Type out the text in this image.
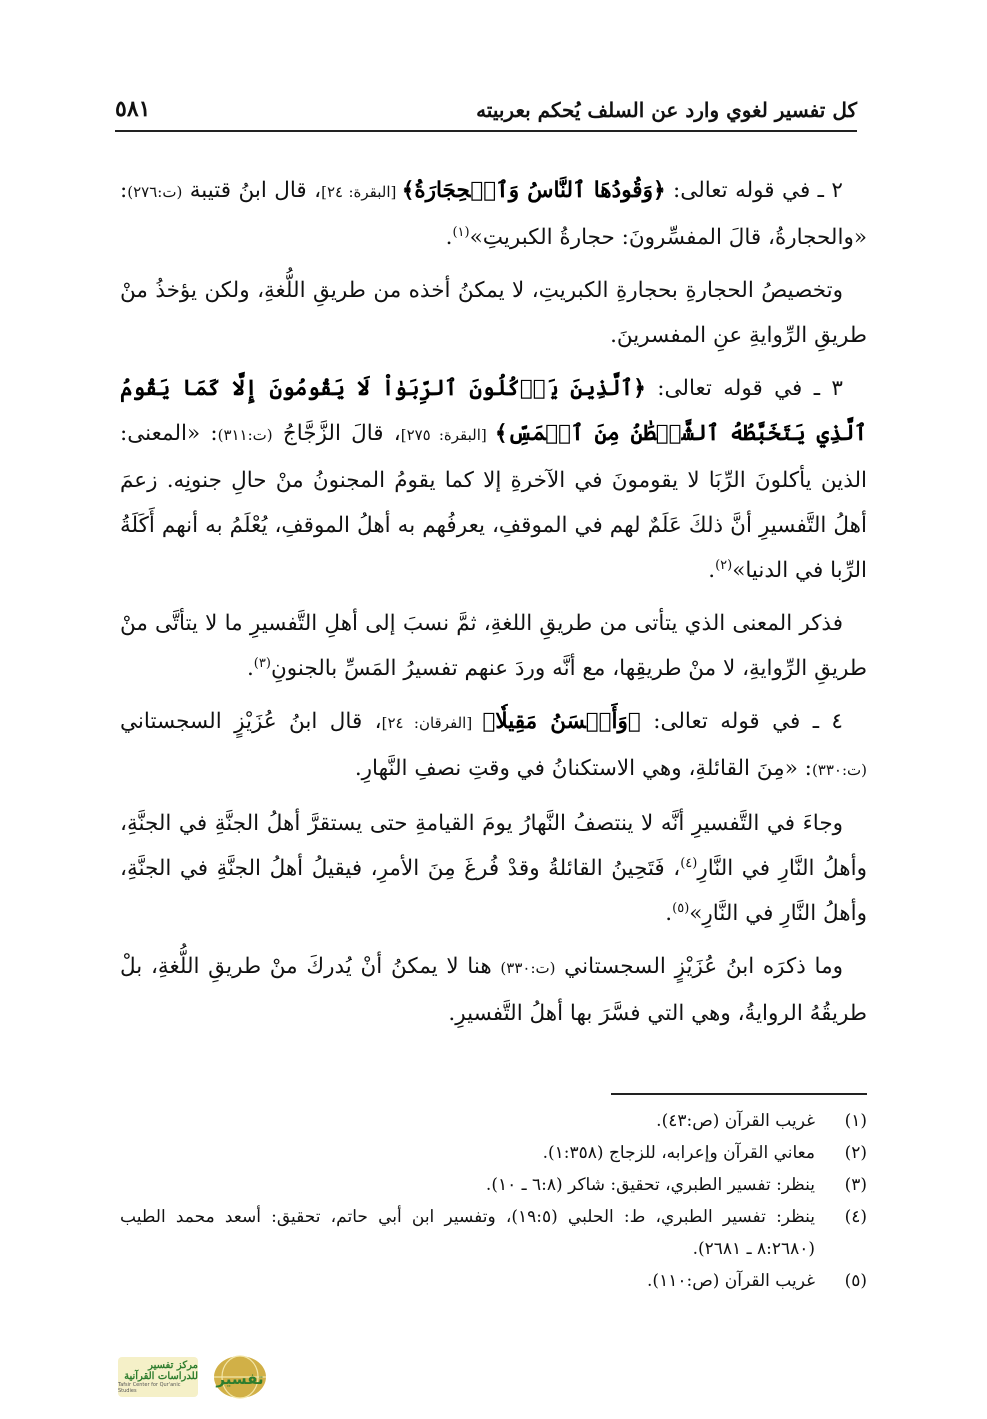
كل تفسير لغوي وارد عن السلف يُحكم بعربيته
٥٨١

٢ ـ في قوله تعالى: ﴿وَقُودُهَا ٱلنَّاسُ وَٱلۡحِجَارَةُ﴾ [البقرة: ٢٤]، قال ابنُ قتيبة (ت:٢٧٦): «والحجارةُ، قالَ المفسِّرونَ: حجارةُ الكبريتِ»$^{(١)}$.

وتخصيصُ الحجارةِ بحجارةِ الكبريتِ، لا يمكنُ أخذه من طريقِ اللُّغةِ، ولكن يؤخذُ منْ طريقِ الرِّوايةِ عنِ المفسرينَ.

٣ ـ في قوله تعالى: ﴿ٱلَّذِينَ يَأۡكُلُونَ ٱلرِّبَوٰاْ لَا يَقُومُونَ إِلَّا كَمَا يَقُومُ ٱلَّذِي يَتَخَبَّطُهُ ٱلشَّيۡطَٰنُ مِنَ ٱلۡمَسِّ﴾ [البقرة: ٢٧٥]، قالَ الزَّجَّاجُ (ت:٣١١): «المعنى: الذين يأكلونَ الرِّبَا لا يقومونَ في الآخرةِ إلا كما يقومُ المجنونُ منْ حالِ جنونِه. زعمَ أهلُ التَّفسيرِ أنَّ ذلكَ عَلَمٌ لهم في الموقفِ، يعرفُهم به أهلُ الموقفِ، يُعْلَمُ به أنهم أَكَلَةُ الرِّبا في الدنيا»$^{(٢)}$.

فذكر المعنى الذي يتأتى من طريقِ اللغةِ، ثمَّ نسبَ إلى أهلِ التَّفسيرِ ما لا يتأتَّى منْ طريقِ الرِّوايةِ، لا منْ طريقِها، مع أنَّه وردَ عنهم تفسيرُ المَسِّ بالجنونِ$^{(٣)}$.

٤ ـ في قوله تعالى: ﴿وَأَحۡسَنُ مَقِيلٗا﴾ [الفرقان: ٢٤]، قال ابنُ عُزَيْزٍ السجستاني (ت:٣٣٠): «مِنَ القائلةِ، وهي الاستكنانُ في وقتِ نصفِ النَّهارِ.

وجاءَ في التَّفسيرِ أنَّه لا ينتصفُ النَّهارُ يومَ القيامةِ حتى يستقرَّ أهلُ الجنَّةِ في الجنَّةِ، وأهلُ النَّارِ في النَّارِ$^{(٤)}$، فَتَحِينُ القائلةُ وقدْ فُرغَ مِنَ الأمرِ، فيقيلُ أهلُ الجنَّةِ في الجنَّةِ، وأهلُ النَّارِ في النَّارِ»$^{(٥)}$.

وما ذكرَه ابنُ عُزَيْزٍ السجستاني (ت:٣٣٠) هنا لا يمكنُ أنْ يُدركَ منْ طريقِ اللُّغةِ، بلْ طريقُهُ الروايةُ، وهي التي فسَّرَ بها أهلُ التَّفسيرِ.

(١)
غريب القرآن (ص:٤٣).
(٢)
معاني القرآن وإعرابه، للزجاج (١:٣٥٨).
(٣)
ينظر: تفسير الطبري، تحقيق: شاكر (٦:٨ ـ ١٠).
(٤)
ينظر: تفسير الطبري، ط: الحلبي (١٩:٥)، وتفسير ابن أبي حاتم، تحقيق: أسعد محمد الطيب (٨:٢٦٨٠ ـ ٢٦٨١).
(٥)
غريب القرآن (ص:١١٠).
مركز تفسير للدراسات القرآنية
Tafsir Center for Qur'anic Studies
تفسير
